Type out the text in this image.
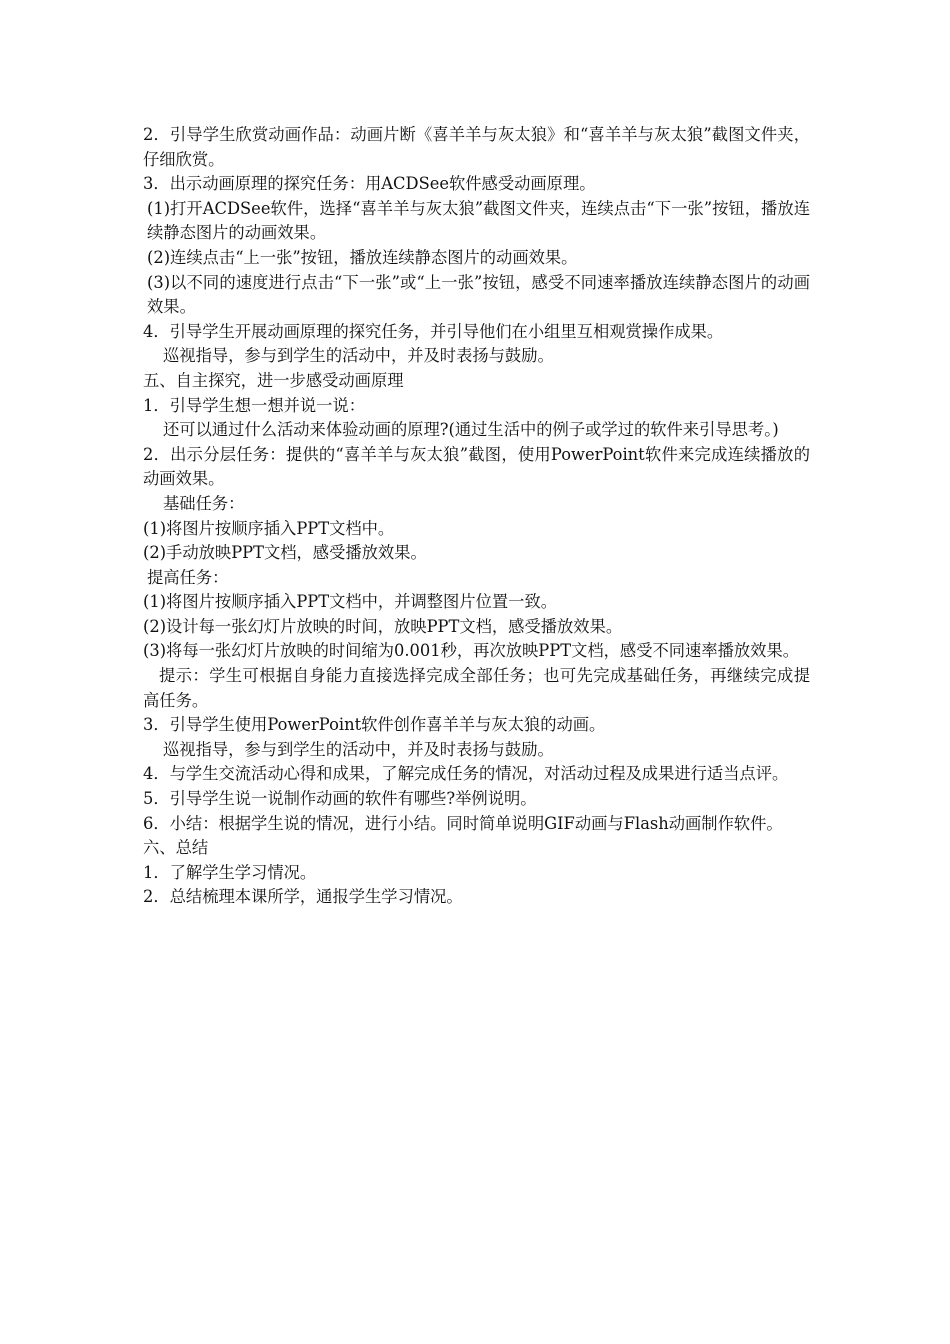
2．引导学生欣赏动画作品：动画片断《喜羊羊与灰太狼》和“喜羊羊与灰太狼”截图文件夹，仔细欣赏。

3．出示动画原理的探究任务：用ACDSee软件感受动画原理。

(1)打开ACDSee软件，选择“喜羊羊与灰太狼”截图文件夹，连续点击“下一张”按钮，播放连续静态图片的动画效果。

(2)连续点击“上一张”按钮，播放连续静态图片的动画效果。

(3)以不同的速度进行点击“下一张”或“上一张”按钮，感受不同速率播放连续静态图片的动画效果。

4．引导学生开展动画原理的探究任务，并引导他们在小组里互相观赏操作成果。

巡视指导，参与到学生的活动中，并及时表扬与鼓励。

五、自主探究，进一步感受动画原理

1．引导学生想一想并说一说：

还可以通过什么活动来体验动画的原理?(通过生活中的例子或学过的软件来引导思考。)

2．出示分层任务：提供的“喜羊羊与灰太狼”截图，使用PowerPoint软件来完成连续播放的动画效果。

基础任务：

(1)将图片按顺序插入PPT文档中。

(2)手动放映PPT文档，感受播放效果。

提高任务：

(1)将图片按顺序插入PPT文档中，并调整图片位置一致。

(2)设计每一张幻灯片放映的时间，放映PPT文档，感受播放效果。

(3)将每一张幻灯片放映的时间缩为0.001秒，再次放映PPT文档，感受不同速率播放效果。

提示：学生可根据自身能力直接选择完成全部任务；也可先完成基础任务，再继续完成提高任务。

3．引导学生使用PowerPoint软件创作喜羊羊与灰太狼的动画。

巡视指导，参与到学生的活动中，并及时表扬与鼓励。

4．与学生交流活动心得和成果，了解完成任务的情况，对活动过程及成果进行适当点评。

5．引导学生说一说制作动画的软件有哪些?举例说明。

6．小结：根据学生说的情况，进行小结。同时简单说明GIF动画与Flash动画制作软件。

六、总结

1．了解学生学习情况。

2．总结梳理本课所学，通报学生学习情况。
